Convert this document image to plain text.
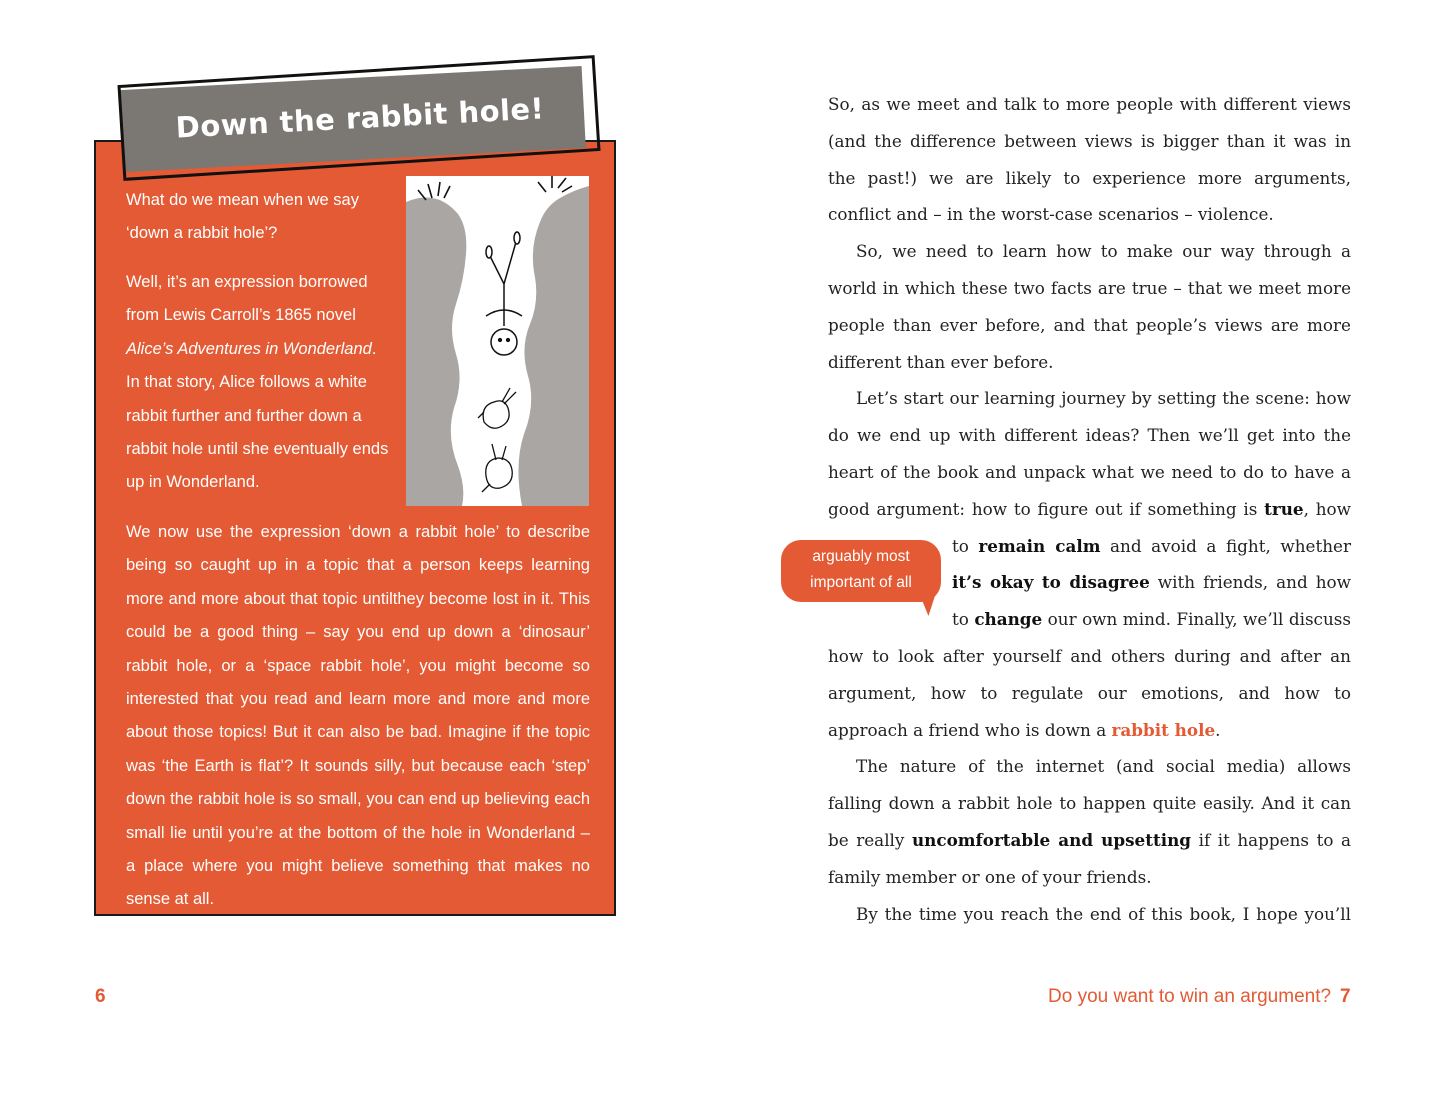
Down the rabbit hole!

What do we mean when we say ‘down a rabbit hole’?

Well, it’s an expression borrowed from Lewis Carroll’s 1865 novel Alice’s Adventures in Wonderland. In that story, Alice follows a white rabbit further and further down a rabbit hole until she eventually ends up in Wonderland.

We now use the expression ‘down a rabbit hole’ to describe being so caught up in a topic that a person keeps learning more and more about that topic untilthey become lost in it. This could be a good thing – say you end up down a ‘dinosaur’ rabbit hole, or a ‘space rabbit hole’, you might become so interested that you read and learn more and more and more about those topics! But it can also be bad. Imagine if the topic was ‘the Earth is flat’? It sounds silly, but because each ‘step’ down the rabbit hole is so small, you can end up believing each small lie until you’re at the bottom of the hole in Wonderland – a place where you might believe something that makes no sense at all.

6

So, as we meet and talk to more people with different views (and the difference between views is bigger than it was in the past!) we are likely to experience more arguments, conflict and – in the worst-case scenarios – violence.

So, we need to learn how to make our way through a world in which these two facts are true – that we meet more people than ever before, and that people’s views are more different than ever before.

Let’s start our learning journey by setting the scene: how do we end up with different ideas? Then we’ll get into the heart of the book and unpack what we need to do to have a good argument: how to figure out if something is true, how to
remain calm and avoid a fight, whether it’s okay to disagree with friends, and how to change our own mind. Finally, we’ll discuss how to look after yourself and others during and after an argument, how to regulate our emotions, and how to approach a friend who is down a rabbit hole.

The nature of the internet (and social media) allows falling down a rabbit hole to happen quite easily. And it can be really uncomfortable and upsetting if it happens to a family member or one of your friends.

By the time you reach the end of this book, I hope you’ll

arguably most
important of all
Do you want to win an argument? 7
